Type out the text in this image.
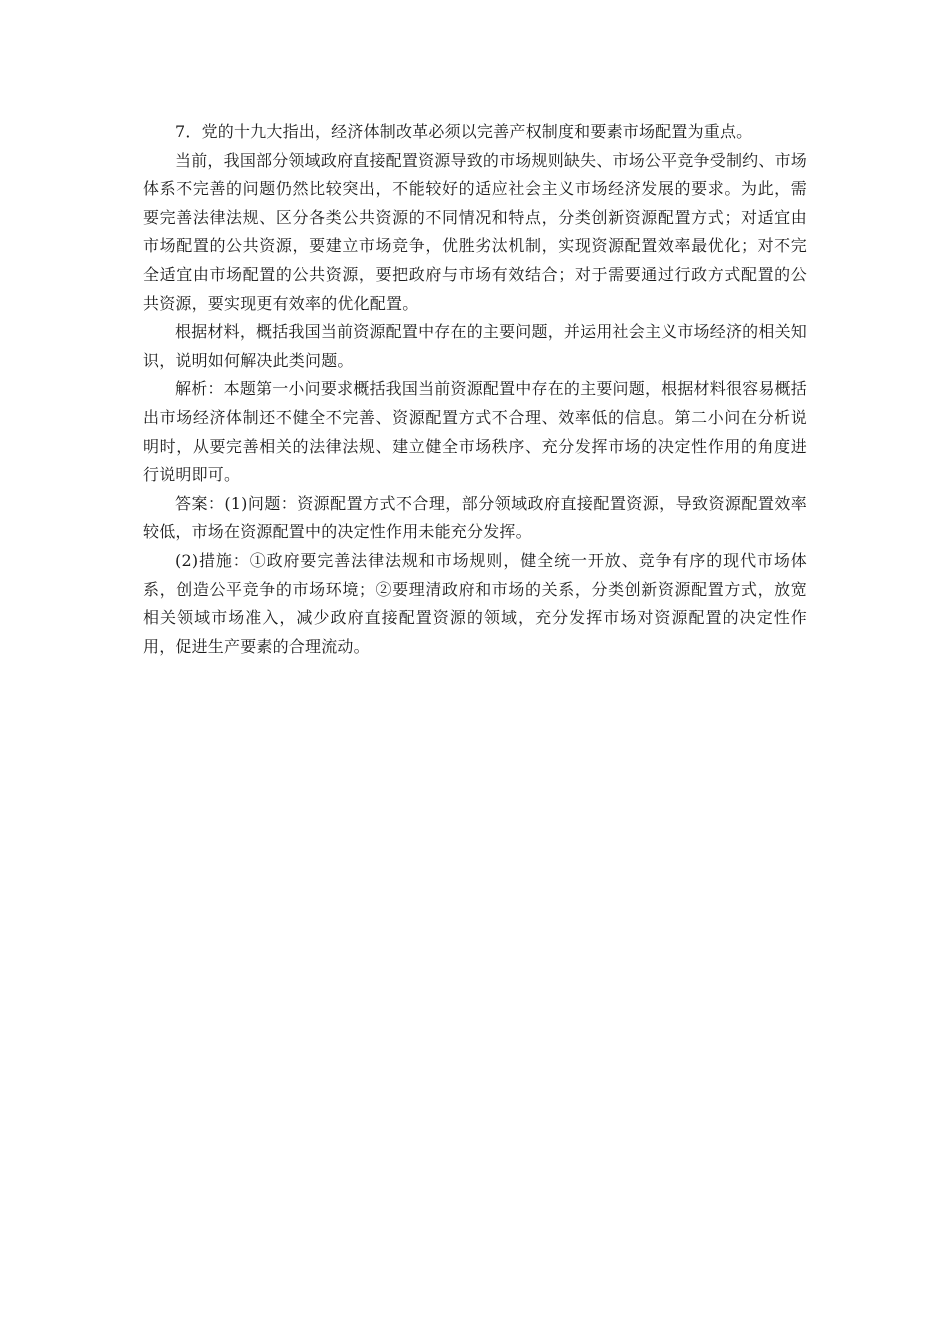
7．党的十九大指出，经济体制改革必须以完善产权制度和要素市场配置为重点。

当前，我国部分领域政府直接配置资源导致的市场规则缺失、市场公平竞争受制约、市场体系不完善的问题仍然比较突出，不能较好的适应社会主义市场经济发展的要求。为此，需要完善法律法规、区分各类公共资源的不同情况和特点，分类创新资源配置方式；对适宜由市场配置的公共资源，要建立市场竞争，优胜劣汰机制，实现资源配置效率最优化；对不完全适宜由市场配置的公共资源，要把政府与市场有效结合；对于需要通过行政方式配置的公共资源，要实现更有效率的优化配置。

根据材料，概括我国当前资源配置中存在的主要问题，并运用社会主义市场经济的相关知识，说明如何解决此类问题。

解析：本题第一小问要求概括我国当前资源配置中存在的主要问题，根据材料很容易概括出市场经济体制还不健全不完善、资源配置方式不合理、效率低的信息。第二小问在分析说明时，从要完善相关的法律法规、建立健全市场秩序、充分发挥市场的决定性作用的角度进行说明即可。

答案：(1)问题：资源配置方式不合理，部分领域政府直接配置资源，导致资源配置效率较低，市场在资源配置中的决定性作用未能充分发挥。

(2)措施：①政府要完善法律法规和市场规则，健全统一开放、竞争有序的现代市场体系，创造公平竞争的市场环境；②要理清政府和市场的关系，分类创新资源配置方式，放宽相关领域市场准入，减少政府直接配置资源的领域，充分发挥市场对资源配置的决定性作用，促进生产要素的合理流动。
